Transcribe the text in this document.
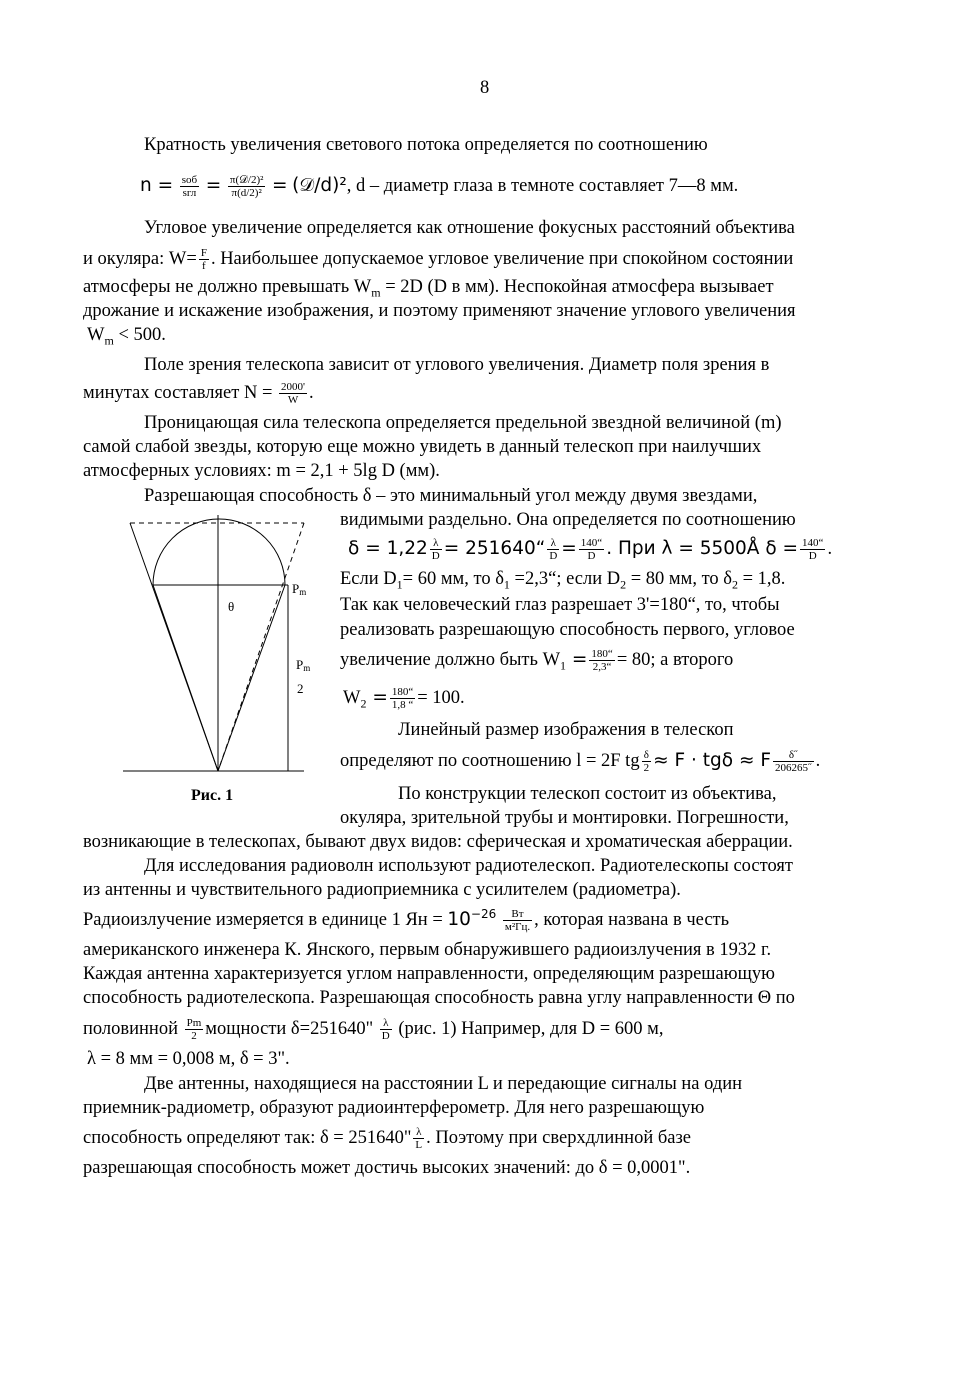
8
Кратность увеличения светового потока определяется по соотношению
n = sоб
sгл = π(𝒟/2)²
π(d/2)² = (𝒟/d)², d – диаметр глаза в темноте составляет 7—8 мм.
Угловое увеличение определяется как отношение фокусных расстояний объектива
и окуляра: $W= \frac{F}{f}$ . Наибольшее допускаемое угловое увеличение при спокойном состоянии
атмосферы не должно превышать $W_m = 2D$ (D в мм). Неспокойная атмосфера вызывает
дрожание и искажение изображения, и поэтому применяют значение углового увеличения
$W_m < 500$.
Поле зрения телескопа зависит от углового увеличения. Диаметр поля зрения в
минутах составляет $N = \frac{2000'}{W}$ .
Проницающая сила телескопа определяется предельной звездной величиной (m)
самой слабой звезды, которую еще можно увидеть в данный телескоп при наилучших
атмосферных условиях: m = 2,1 + 5lg D (мм).
Разрешающая способность δ – это минимальный угол между двумя звездами,
видимыми раздельно. Она определяется по соотношению
$\delta = 1,22 \frac{\lambda}{D}$ = 251640“ $\frac{\lambda}{D} = \frac{140“}{D}$ . При λ = 5500Å $\delta = \frac{140“}{D}$ .
Если $D_1= 60$ мм, то $\delta_1$ =2,3“; если $D_2 = 80$ мм, то $\delta_2 = 1,8$.
Так как человеческий глаз разрешает 3'=180“, то, чтобы
реализовать разрешающую способность первого, угловое
увеличение должно быть $W_1 = \frac{180“}{2,3“} = 80$; а второго
$W_2 = \frac{180“}{1,8 “} = 100$.
Линейный размер изображения в телескоп
определяют по соотношению l = 2F tg $\frac{\delta}{2} \approx F \cdot tg\delta \approx F \frac{\delta˝}{206265˝}$ .
По конструкции телескоп состоит из объектива,
окуляра, зрительной трубы и монтировки. Погрешности,
возникающие в телескопах, бывают двух видов: сферическая и хроматическая аберрации.
Для исследования радиоволн используют радиотелескоп. Радиотелескопы состоят
из антенны и чувствительного радиоприемника с усилителем (радиометра).
Радиоизлучение измеряется в единице 1 Ян = $10^{-26}$	Вт
м²Гц. , которая названа в честь
американского инженера К. Янского, первым обнаружившего радиоизлучения в 1932 г.
Каждая антенна характеризуется углом направленности, определяющим разрешающую
способность радиотелескопа. Разрешающая способность равна углу направленности Θ по
половинной $\frac{Pm}{2}$ мощности δ=251640" $\frac{\lambda}{D} (рис$. 1) Например, для D = 600 м,
λ = 8 мм = 0,008 м, δ = 3".
Две антенны, находящиеся на расстоянии L и передающие сигналы на один
приемник-радиометр, образуют радиоинтерферометр. Для него разрешающую
способность определяют так: δ = 251640" $\frac{\lambda}{L}$ . Поэтому при сверхдлинной базе
разрешающая способность может достичь высоких значений: до δ = 0,0001".
θ
Pm
Pm
2
Рис. 1
